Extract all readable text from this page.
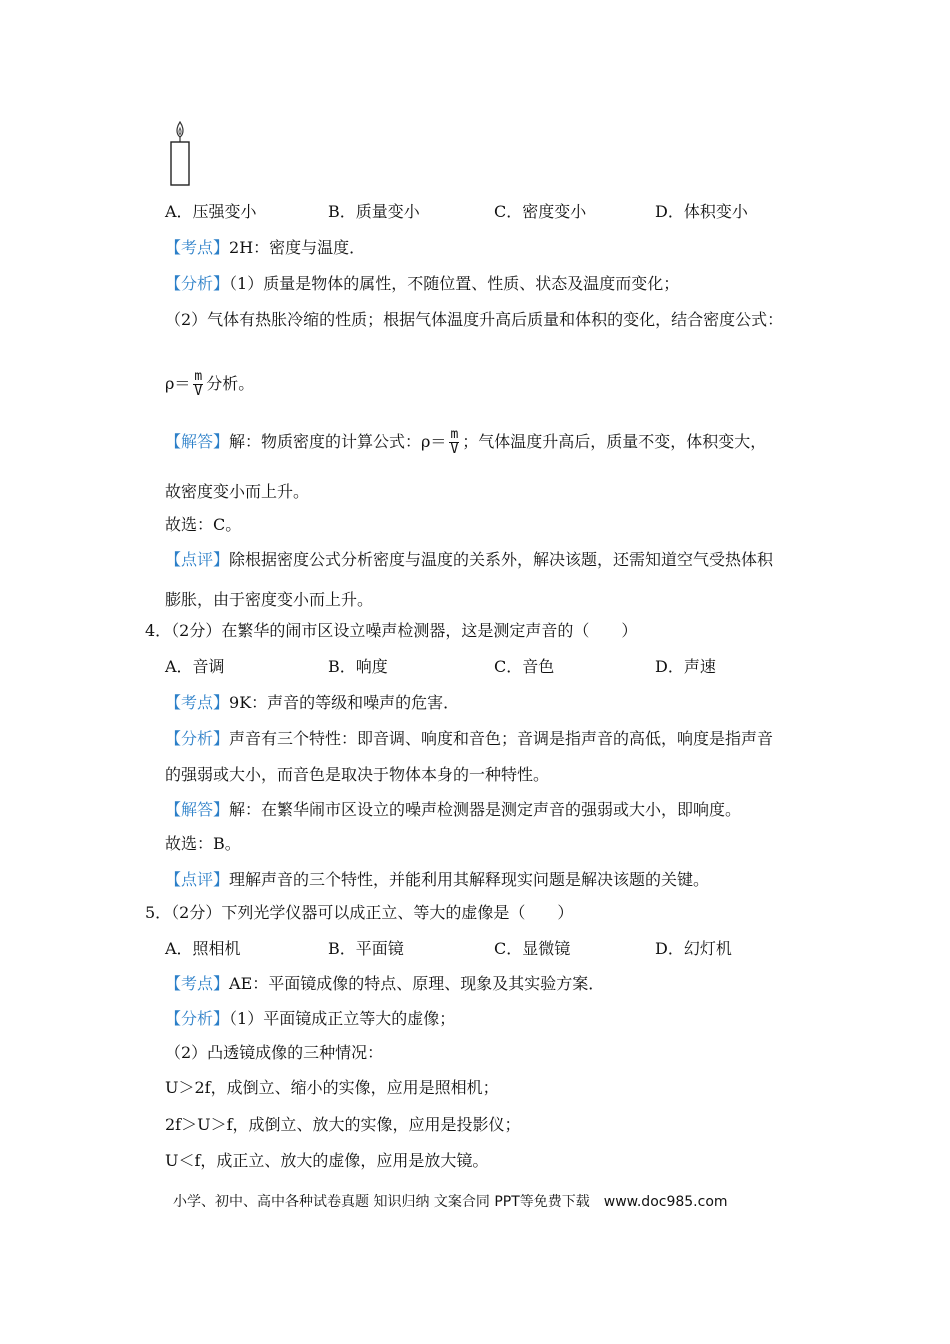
A．压强变小	B．质量变小	C．密度变小	D．体积变小
【考点】2H：密度与温度．
【分析】（1）质量是物体的属性，不随位置、性质、状态及温度而变化；
（2）气体有热胀冷缩的性质；根据气体温度升高后质量和体积的变化，结合密度公式：
$\rho= \frac{m}{V}$ 分析。
【解答】解：物质密度的计算公式：$\rho= \frac{m}{V}$ ；气体温度升高后，质量不变，体积变大，
故密度变小而上升。
故选：C。
【点评】除根据密度公式分析密度与温度的关系外，解决该题，还需知道空气受热体积
膨胀，由于密度变小而上升。
4．（2分）在繁华的闹市区设立噪声检测器，这是测定声音的（　　）
A．音调	B．响度	C．音色	D．声速
【考点】9K：声音的等级和噪声的危害．
【分析】声音有三个特性：即音调、响度和音色；音调是指声音的高低，响度是指声音
的强弱或大小，而音色是取决于物体本身的一种特性。
【解答】解：在繁华闹市区设立的噪声检测器是测定声音的强弱或大小，即响度。
故选：B。
【点评】理解声音的三个特性，并能利用其解释现实问题是解决该题的关键。
5．（2分）下列光学仪器可以成正立、等大的虚像是（　　）
A．照相机	B．平面镜	C．显微镜	D．幻灯机
【考点】AE：平面镜成像的特点、原理、现象及其实验方案．
【分析】（1）平面镜成正立等大的虚像；
（2）凸透镜成像的三种情况：
U＞2f，成倒立、缩小的实像，应用是照相机；
2f＞U＞f，成倒立、放大的实像，应用是投影仪；
U＜f，成正立、放大的虚像，应用是放大镜。
小学、初中、高中各种试卷真题 知识归纳 文案合同 PPT等免费下载　www.doc985.com
